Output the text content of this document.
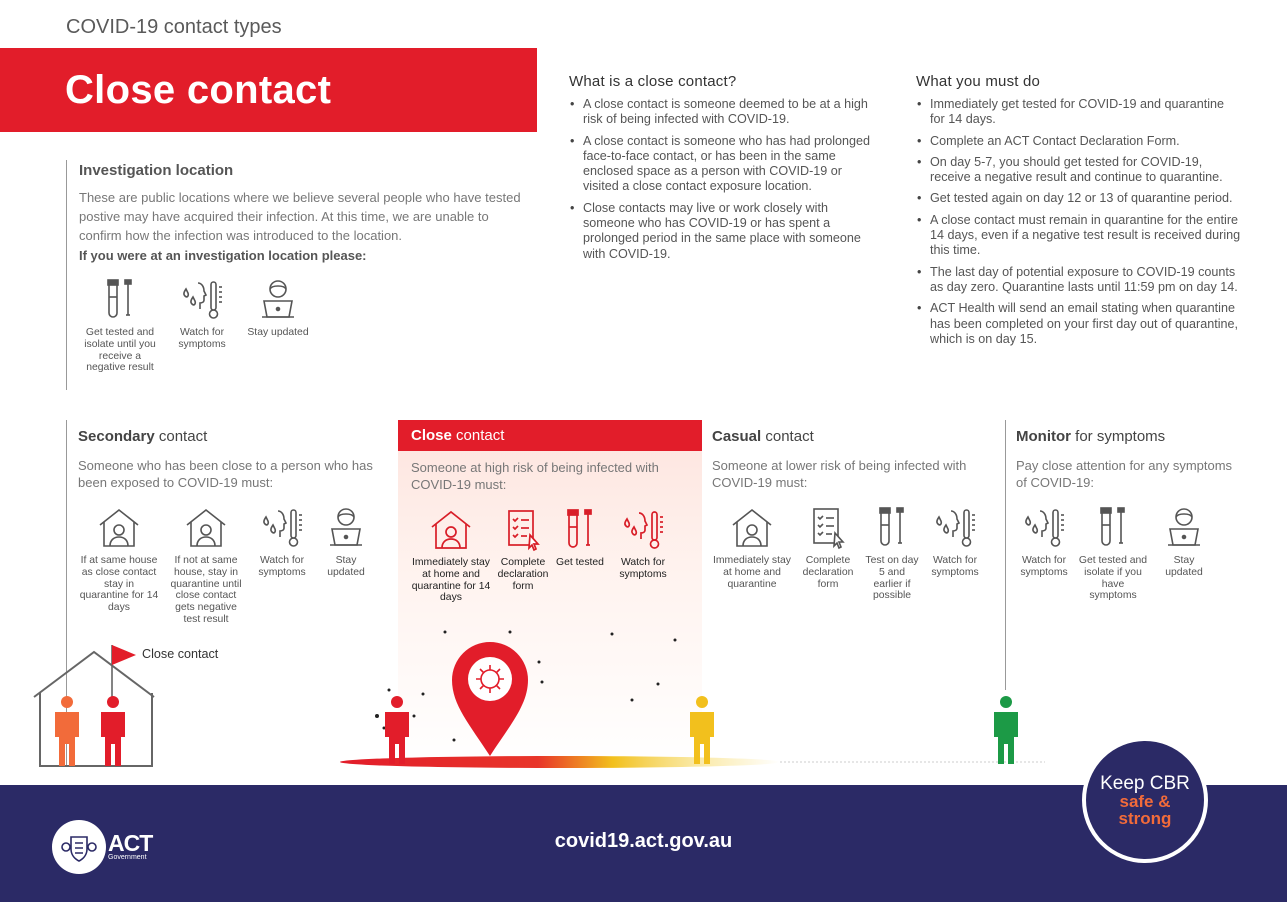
COVID-19 contact types
Close contact	What is a close contact?
• A close contact is someone deemed to be at a high risk of being infected with COVID-19.
• A close contact is someone who has had prolonged face-to-face contact, or has been in the same enclosed space as a person with COVID-19 or visited a close contact exposure location.
• Close contacts may live or work closely with someone who has COVID-19 or has spent a prolonged period in the same place with someone with COVID-19.
What you must do
• Immediately get tested for COVID-19 and quarantine for 14 days.
• Complete an ACT Contact Declaration Form.
• On day 5-7, you should get tested for COVID-19, receive a negative result and continue to quarantine.
• Get tested again on day 12 or 13 of quarantine period.
• A close contact must remain in quarantine for the entire 14 days, even if a negative test result is received during this time.
• The last day of potential exposure to COVID-19 counts as day zero. Quarantine lasts until 11:59 pm on day 14.
• ACT Health will send an email stating when quarantine has been completed on your first day out of quarantine, which is on day 15.
Investigation location

These are public locations where we believe several people who have tested postive may have acquired their infection. At this time, we are unable to confirm how the infection was introduced to the location.

If you were at an investigation location please:
Get tested and isolate until you receive a negative result
Watch for symptoms
Stay updated
Secondary contact

Someone who has been close to a person who has been exposed to COVID-19 must:

If at same house as close contact stay in quarantine for 14 days
If not at same house, stay in quarantine until close contact gets negative test result
Watch for symptoms
Stay updated
Close contact

Someone at high risk of being infected with COVID-19 must:

Immediately stay at home and quarantine for 14 days
Complete declaration form
Get tested	Watch for symptoms
Casual contact

Someone at lower risk of being infected with COVID-19 must:

Immediately stay at home and quarantine
Complete declaration form
Test on day 5 and earlier if possible
Watch for symptoms
Monitor for symptoms

Pay close attention for any symptoms of COVID-19:

Watch for symptoms
Get tested and isolate if you have symptoms
Stay updated
Close contact
ACT
Government
covid19.act.gov.au
Keep CBR
safe &
strong
